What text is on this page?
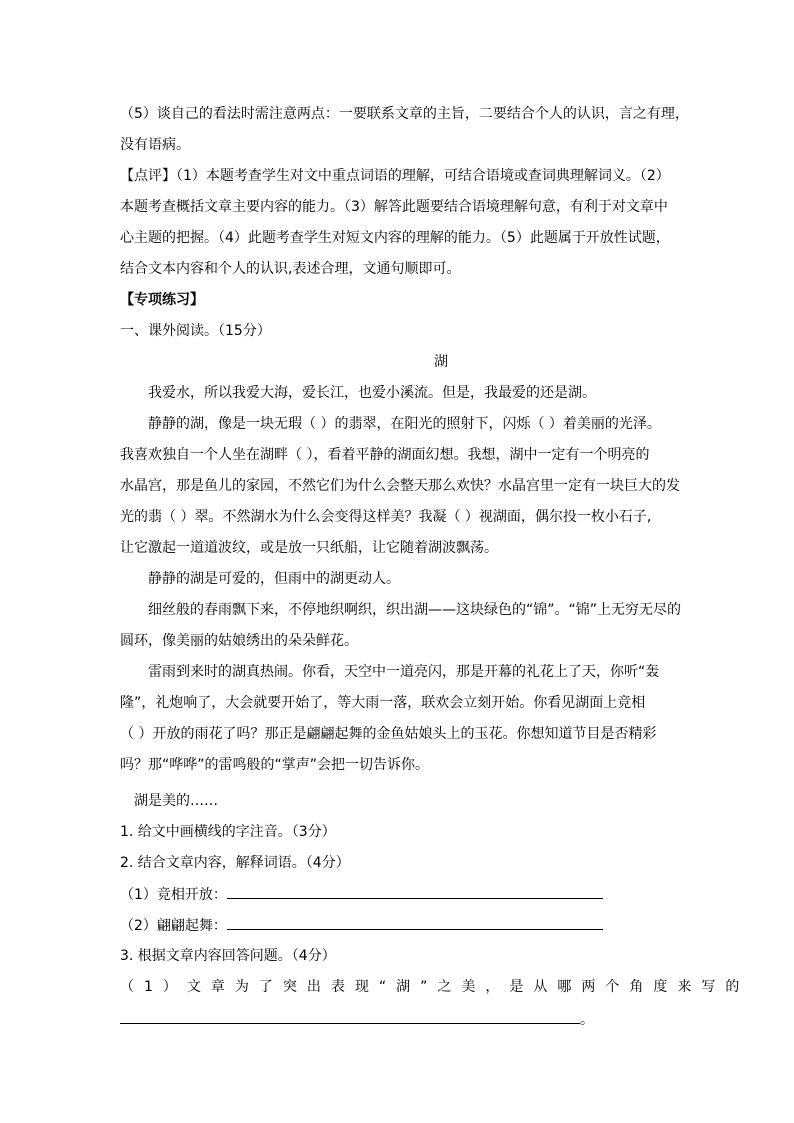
（5）谈自己的看法时需注意两点：一要联系文章的主旨，二要结合个人的认识，言之有理，
没有语病。
【点评】（1）本题考查学生对文中重点词语的理解，可结合语境或查词典理解词义。（2）
本题考查概括文章主要内容的能力。（3）解答此题要结合语境理解句意，有利于对文章中
心主题的把握。（4）此题考查学生对短文内容的理解的能力。（5）此题属于开放性试题，
结合文本内容和个人的认识,表述合理，文通句顺即可。
【专项练习】
一、课外阅读。（15分）
湖
我爱水，所以我爱大海，爱长江，也爱小溪流。但是，我最爱的还是湖。
静静的湖，像是一块无瑕（ ）的翡翠，在阳光的照射下，闪烁（ ）着美丽的光泽。
我喜欢独自一个人坐在湖畔（ ），看着平静的湖面幻想。我想，湖中一定有一个明亮的
水晶宫，那是鱼儿的家园，不然它们为什么会整天那么欢快？水晶宫里一定有一块巨大的发
光的翡（ ）翠。不然湖水为什么会变得这样美？我凝（ ）视湖面，偶尔投一枚小石子,
让它激起一道道波纹，或是放一只纸船，让它随着湖波飘荡。
静静的湖是可爱的，但雨中的湖更动人。
细丝般的春雨飘下来，不停地织啊织，织出湖——这块绿色的“锦”。“锦”上无穷无尽的
圆环，像美丽的姑娘绣出的朵朵鲜花。
雷雨到来时的湖真热闹。你看，天空中一道亮闪，那是开幕的礼花上了天，你听“轰
隆”，礼炮响了，大会就要开始了，等大雨一落，联欢会立刻开始。你看见湖面上竞相
（ ）开放的雨花了吗？那正是翩翩起舞的金鱼姑娘头上的玉花。你想知道节目是否精彩
吗？那“哗哗”的雷鸣般的“掌声”会把一切告诉你。
湖是美的……
1. 给文中画横线的字注音。（3分）
2. 结合文章内容，解释词语。（4分）
（1）竞相开放：
（2）翩翩起舞：
3. 根据文章内容回答问题。（4分）
（1）文章为了突出表现“湖”之美，是从哪两个角度来写的
。
